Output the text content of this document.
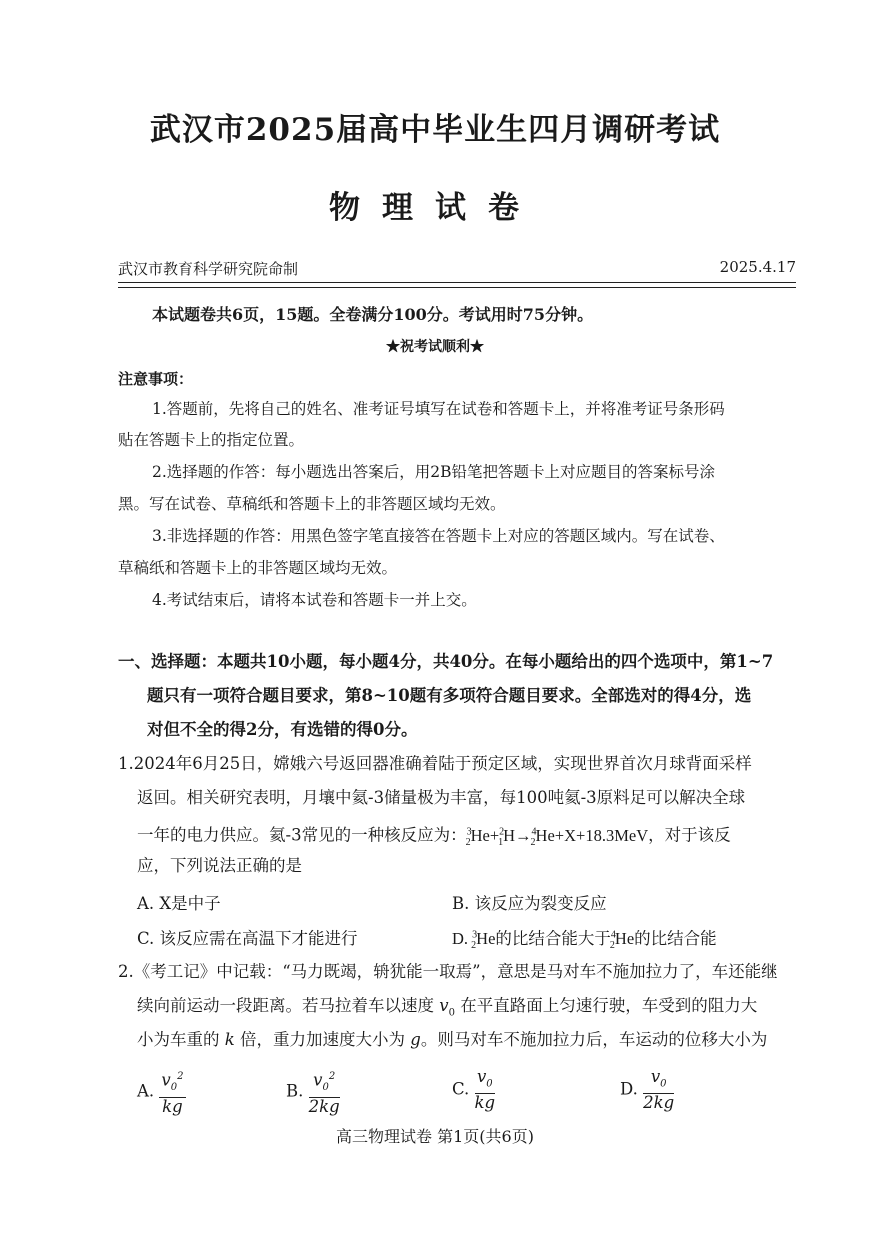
武汉市2025届高中毕业生四月调研考试
物理试卷
武汉市教育科学研究院命制	2025.4.17
本试题卷共6页，15题。全卷满分100分。考试用时75分钟。
★祝考试顺利★
注意事项：
1.答题前，先将自己的姓名、准考证号填写在试卷和答题卡上，并将准考证号条形码
贴在答题卡上的指定位置。
2.选择题的作答：每小题选出答案后，用2B铅笔把答题卡上对应题目的答案标号涂
黑。写在试卷、草稿纸和答题卡上的非答题区域均无效。
3.非选择题的作答：用黑色签字笔直接答在答题卡上对应的答题区域内。写在试卷、
草稿纸和答题卡上的非答题区域均无效。
4.考试结束后，请将本试卷和答题卡一并上交。
一、选择题：本题共10小题，每小题4分，共40分。在每小题给出的四个选项中，第1~7
题只有一项符合题目要求，第8~10题有多项符合题目要求。全部选对的得4分，选
对但不全的得2分，有选错的得0分。
1.2024年6月25日，嫦娥六号返回器准确着陆于预定区域，实现世界首次月球背面采样
返回。相关研究表明，月壤中氦-3储量极为丰富，每100吨氦-3原料足可以解决全球
一年的电力供应。氦-3常见的一种核反应为：$^3_2$He+$^2_1$H→$^4_2$He+X+18.3MeV，对于该反
应，下列说法正确的是
A. X是中子	B. 该反应为裂变反应
C. 该反应需在高温下才能进行	D. $^3_2$He的比结合能大于$^4_2$He的比结合能
2.《考工记》中记载：“马力既竭，辀犹能一取焉”，意思是马对车不施加拉力了，车还能继
续向前运动一段距离。若马拉着车以速度 $v_0$ 在平直路面上匀速行驶，车受到的阻力大
小为车重的 k 倍，重力加速度大小为 g。则马对车不施加拉力后，车运动的位移大小为
A. $\frac{v_0^2}{kg}$	B. $\frac{v_0^2}{2kg}$	C. $\frac{v_0}{kg}$	D. $\frac{v_0}{2kg}$
高三物理试卷 第1页(共6页)
